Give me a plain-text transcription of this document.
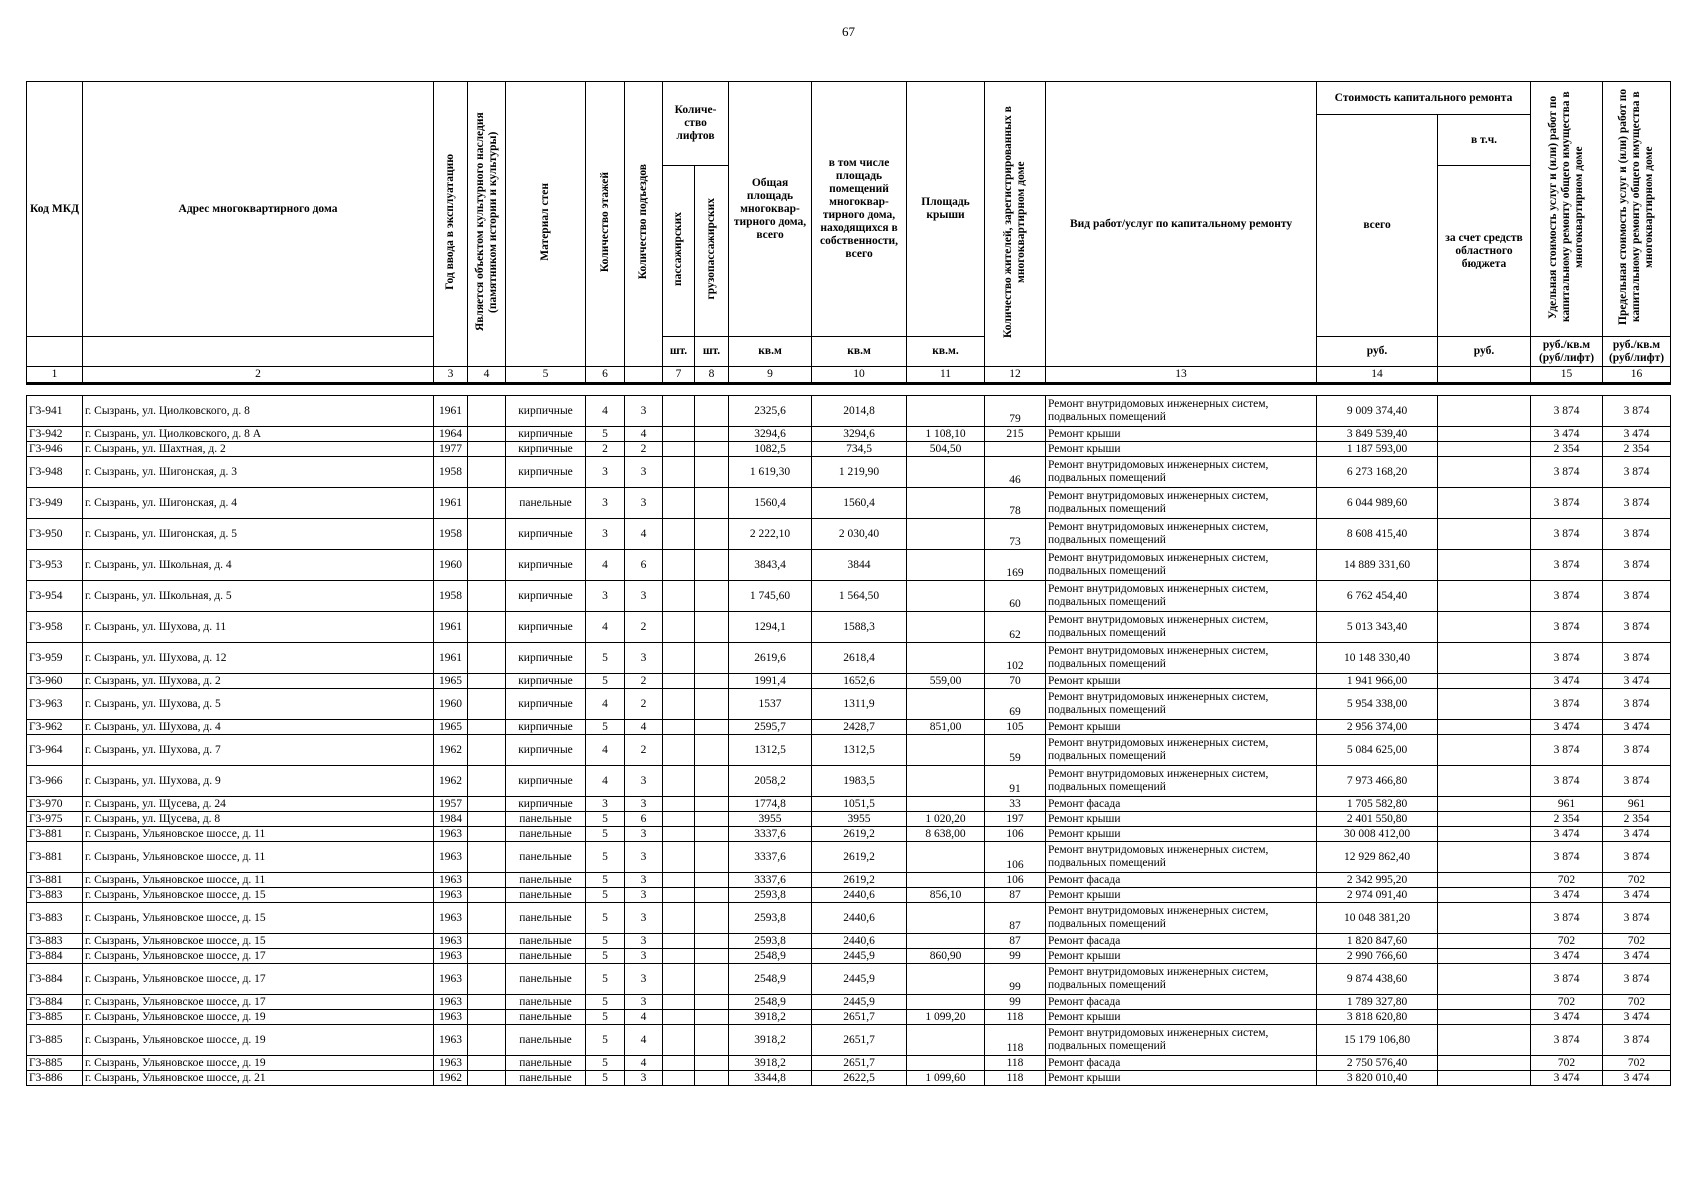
67
Код МКД	Адрес многоквартирного дома	Год ввода в эксплуатацию	Является объектом культурного наследия (памятником истории и культуры)	Материал стен	Количество этажей	Количество подъездов	Количе-ство лифтов		Общая площадь многоквар-тирного дома, всего	в том числе площадь помещений многоквар-тирного дома, находящихся в собственности, всего	Площадь крыши	Количество жителей, зарегистрированных в многоквартирном доме	Вид работ/услуг по капитальному ремонту	Стоимость капитального ремонта		Удельная стоимость услуг и (или) работ по капитальному ремонту общего имущества в многоквартирном доме	Предельная стоимость услуг и (или) работ по капитальному ремонту общего имущества в многоквартирном доме
														всего	в т.ч.		
							пассажирских	грузопассажирских							за счет средств областного бюджета		
							шт.	шт.	кв.м	кв.м	кв.м.			руб.	руб.	руб./кв.м (руб/лифт)	руб./кв.м (руб/лифт)
1	2	3	4	5	6		7	8	9	10	11	12	13	14		15	16

Г3-941	г. Сызрань, ул. Циолковского, д. 8	1961		кирпичные	4	3			2325,6	2014,8		79	Ремонт внутридомовых инженерных систем, подвальных помещений	9 009 374,40		3 874	3 874
Г3-942	г. Сызрань, ул. Циолковского, д. 8 А	1964		кирпичные	5	4			3294,6	3294,6	1 108,10	215	Ремонт крыши	3 849 539,40		3 474	3 474
Г3-946	г. Сызрань, ул. Шахтная, д. 2	1977		кирпичные	2	2			1082,5	734,5	504,50		Ремонт крыши	1 187 593,00		2 354	2 354
Г3-948	г. Сызрань, ул. Шигонская, д. 3	1958		кирпичные	3	3			1 619,30	1 219,90		46	Ремонт внутридомовых инженерных систем, подвальных помещений	6 273 168,20		3 874	3 874
Г3-949	г. Сызрань, ул. Шигонская, д. 4	1961		панельные	3	3			1560,4	1560,4		78	Ремонт внутридомовых инженерных систем, подвальных помещений	6 044 989,60		3 874	3 874
Г3-950	г. Сызрань, ул. Шигонская, д. 5	1958		кирпичные	3	4			2 222,10	2 030,40		73	Ремонт внутридомовых инженерных систем, подвальных помещений	8 608 415,40		3 874	3 874
Г3-953	г. Сызрань, ул. Школьная, д. 4	1960		кирпичные	4	6			3843,4	3844		169	Ремонт внутридомовых инженерных систем, подвальных помещений	14 889 331,60		3 874	3 874
Г3-954	г. Сызрань, ул. Школьная, д. 5	1958		кирпичные	3	3			1 745,60	1 564,50		60	Ремонт внутридомовых инженерных систем, подвальных помещений	6 762 454,40		3 874	3 874
Г3-958	г. Сызрань, ул. Шухова, д. 11	1961		кирпичные	4	2			1294,1	1588,3		62	Ремонт внутридомовых инженерных систем, подвальных помещений	5 013 343,40		3 874	3 874
Г3-959	г. Сызрань, ул. Шухова, д. 12	1961		кирпичные	5	3			2619,6	2618,4		102	Ремонт внутридомовых инженерных систем, подвальных помещений	10 148 330,40		3 874	3 874
Г3-960	г. Сызрань, ул. Шухова, д. 2	1965		кирпичные	5	2			1991,4	1652,6	559,00	70	Ремонт крыши	1 941 966,00		3 474	3 474
Г3-963	г. Сызрань, ул. Шухова, д. 5	1960		кирпичные	4	2			1537	1311,9		69	Ремонт внутридомовых инженерных систем, подвальных помещений	5 954 338,00		3 874	3 874
Г3-962	г. Сызрань, ул. Шухова, д. 4	1965		кирпичные	5	4			2595,7	2428,7	851,00	105	Ремонт крыши	2 956 374,00		3 474	3 474
Г3-964	г. Сызрань, ул. Шухова, д. 7	1962		кирпичные	4	2			1312,5	1312,5		59	Ремонт внутридомовых инженерных систем, подвальных помещений	5 084 625,00		3 874	3 874
Г3-966	г. Сызрань, ул. Шухова, д. 9	1962		кирпичные	4	3			2058,2	1983,5		91	Ремонт внутридомовых инженерных систем, подвальных помещений	7 973 466,80		3 874	3 874
Г3-970	г. Сызрань, ул. Щусева, д. 24	1957		кирпичные	3	3			1774,8	1051,5		33	Ремонт фасада	1 705 582,80		961	961
Г3-975	г. Сызрань, ул. Щусева, д. 8	1984		панельные	5	6			3955	3955	1 020,20	197	Ремонт крыши	2 401 550,80		2 354	2 354
Г3-881	г. Сызрань, Ульяновское шоссе, д. 11	1963		панельные	5	3			3337,6	2619,2	8 638,00	106	Ремонт крыши	30 008 412,00		3 474	3 474
Г3-881	г. Сызрань, Ульяновское шоссе, д. 11	1963		панельные	5	3			3337,6	2619,2		106	Ремонт внутридомовых инженерных систем, подвальных помещений	12 929 862,40		3 874	3 874
Г3-881	г. Сызрань, Ульяновское шоссе, д. 11	1963		панельные	5	3			3337,6	2619,2		106	Ремонт фасада	2 342 995,20		702	702
Г3-883	г. Сызрань, Ульяновское шоссе, д. 15	1963		панельные	5	3			2593,8	2440,6	856,10	87	Ремонт крыши	2 974 091,40		3 474	3 474
Г3-883	г. Сызрань, Ульяновское шоссе, д. 15	1963		панельные	5	3			2593,8	2440,6		87	Ремонт внутридомовых инженерных систем, подвальных помещений	10 048 381,20		3 874	3 874
Г3-883	г. Сызрань, Ульяновское шоссе, д. 15	1963		панельные	5	3			2593,8	2440,6		87	Ремонт фасада	1 820 847,60		702	702
Г3-884	г. Сызрань, Ульяновское шоссе, д. 17	1963		панельные	5	3			2548,9	2445,9	860,90	99	Ремонт крыши	2 990 766,60		3 474	3 474
Г3-884	г. Сызрань, Ульяновское шоссе, д. 17	1963		панельные	5	3			2548,9	2445,9		99	Ремонт внутридомовых инженерных систем, подвальных помещений	9 874 438,60		3 874	3 874
Г3-884	г. Сызрань, Ульяновское шоссе, д. 17	1963		панельные	5	3			2548,9	2445,9		99	Ремонт фасада	1 789 327,80		702	702
Г3-885	г. Сызрань, Ульяновское шоссе, д. 19	1963		панельные	5	4			3918,2	2651,7	1 099,20	118	Ремонт крыши	3 818 620,80		3 474	3 474
Г3-885	г. Сызрань, Ульяновское шоссе, д. 19	1963		панельные	5	4			3918,2	2651,7		118	Ремонт внутридомовых инженерных систем, подвальных помещений	15 179 106,80		3 874	3 874
Г3-885	г. Сызрань, Ульяновское шоссе, д. 19	1963		панельные	5	4			3918,2	2651,7		118	Ремонт фасада	2 750 576,40		702	702
Г3-886	г. Сызрань, Ульяновское шоссе, д. 21	1962		панельные	5	3			3344,8	2622,5	1 099,60	118	Ремонт крыши	3 820 010,40		3 474	3 474
